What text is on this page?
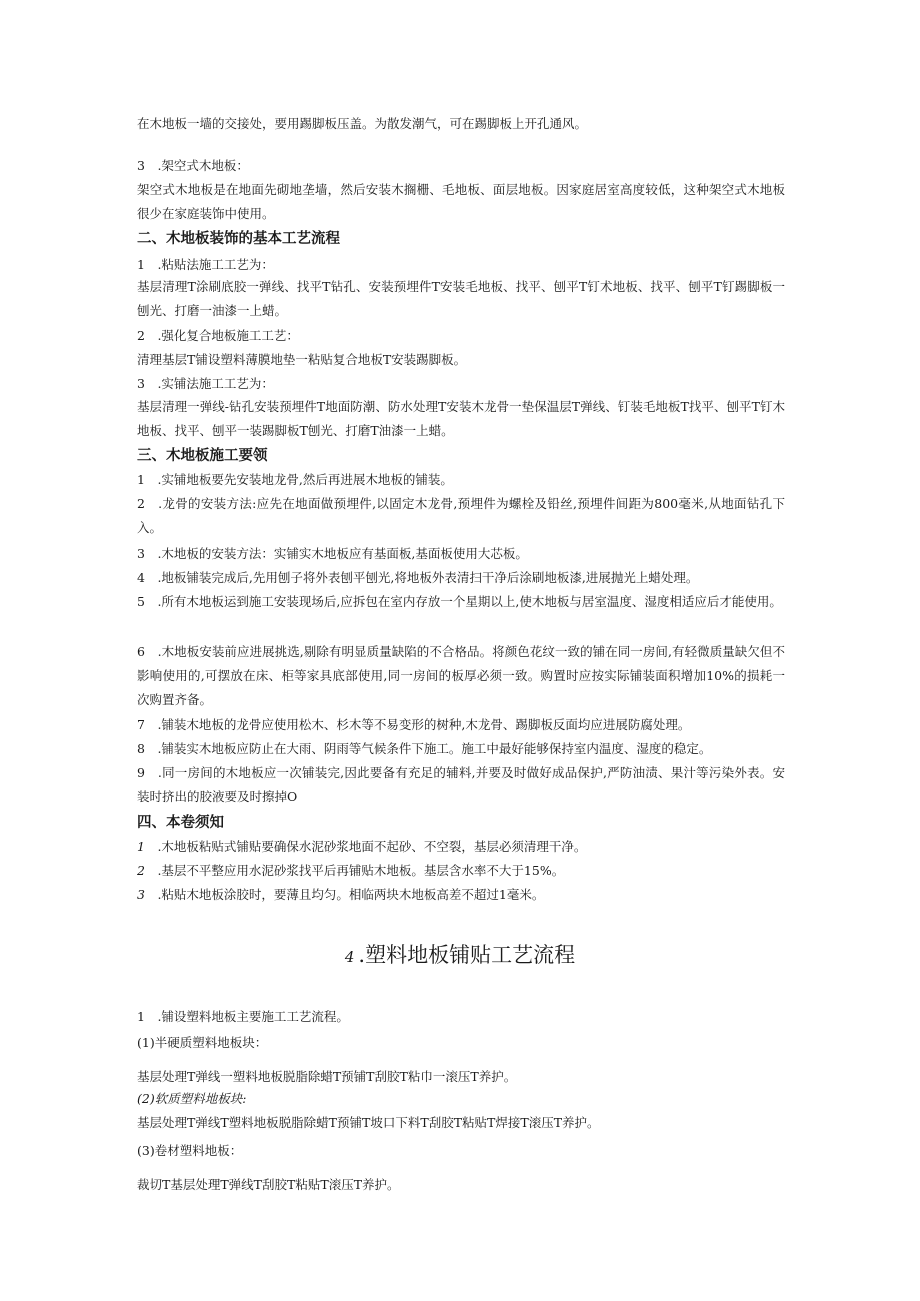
在木地板一墙的交接处，要用踢脚板压盖。为散发潮气，可在踢脚板上开孔通风。
3　.架空式木地板：
架空式木地板是在地面先砌地垄墙，然后安装木搁栅、毛地板、面层地板。因家庭居室高度较低，这种架空式木地板很少在家庭装饰中使用。
二、木地板装饰的基本工艺流程
1　.粘贴法施工工艺为：
基层清理T涂刷底胶一弹线、找平T钻孔、安装预埋件T安装毛地板、找平、刨平T钉术地板、找平、刨平T钉踢脚板一刨光、打磨一油漆一上蜡。
2　.强化复合地板施工工艺：
清理基层T铺设塑料薄膜地垫一粘贴复合地板T安装踢脚板。
3　.实铺法施工工艺为：
基层清理一弹线-钻孔安装预埋件T地面防潮、防水处理T安装木龙骨一垫保温层T弹线、钉装毛地板T找平、刨平T钉木地板、找平、刨平一装踢脚板T刨光、打磨T油漆一上蜡。
三、木地板施工要领
1　.实铺地板要先安装地龙骨,然后再进展木地板的铺装。
2　.龙骨的安装方法:应先在地面做预埋件,以固定木龙骨,预埋件为螺栓及铅丝,预埋件间距为800毫米,从地面钻孔下入。
3　.木地板的安装方法：实铺实木地板应有基面板,基面板使用大芯板。
4　.地板铺装完成后,先用刨子将外表刨平刨光,将地板外表清扫干净后涂刷地板漆,进展抛光上蜡处理。
5　.所有木地板运到施工安装现场后,应拆包在室内存放一个星期以上,使木地板与居室温度、湿度相适应后才能使用。
6　.木地板安装前应进展挑选,剔除有明显质量缺陷的不合格品。将颜色花纹一致的铺在同一房间,有轻微质量缺欠但不影响使用的,可摆放在床、柜等家具底部使用,同一房间的板厚必须一致。购置时应按实际铺装面积增加10%的损耗一次购置齐备。
7　.铺装木地板的龙骨应使用松木、杉木等不易变形的树种,木龙骨、踢脚板反面均应进展防腐处理。
8　.铺装实木地板应防止在大雨、阴雨等气候条件下施工。施工中最好能够保持室内温度、湿度的稳定。
9　.同一房间的木地板应一次铺装完,因此要备有充足的辅料,并要及时做好成品保护,严防油渍、果汁等污染外表。安装时挤出的胶液要及时擦掉O
四、本卷须知
1　.木地板粘贴式铺贴要确保水泥砂浆地面不起砂、不空裂，基层必须清理干净。
2　.基层不平整应用水泥砂浆找平后再铺贴木地板。基层含水率不大于15%。
3　.粘贴木地板涂胶时，要薄且均匀。相临两块木地板高差不超过1毫米。
4 .塑料地板铺贴工艺流程
1　.铺设塑料地板主要施工工艺流程。
(1)半硬质塑料地板块：
基层处理T弹线一塑料地板脱脂除蜡T预铺T刮胶T粘巾一滚压T养护。
(2)软质塑料地板块:
基层处理T弹线T塑料地板脱脂除蜡T预铺T坡口下料T刮胶T粘贴T焊接T滚压T养护。
(3)卷材塑料地板：
裁切T基层处理T弹线T刮胶T粘贴T滚压T养护。
